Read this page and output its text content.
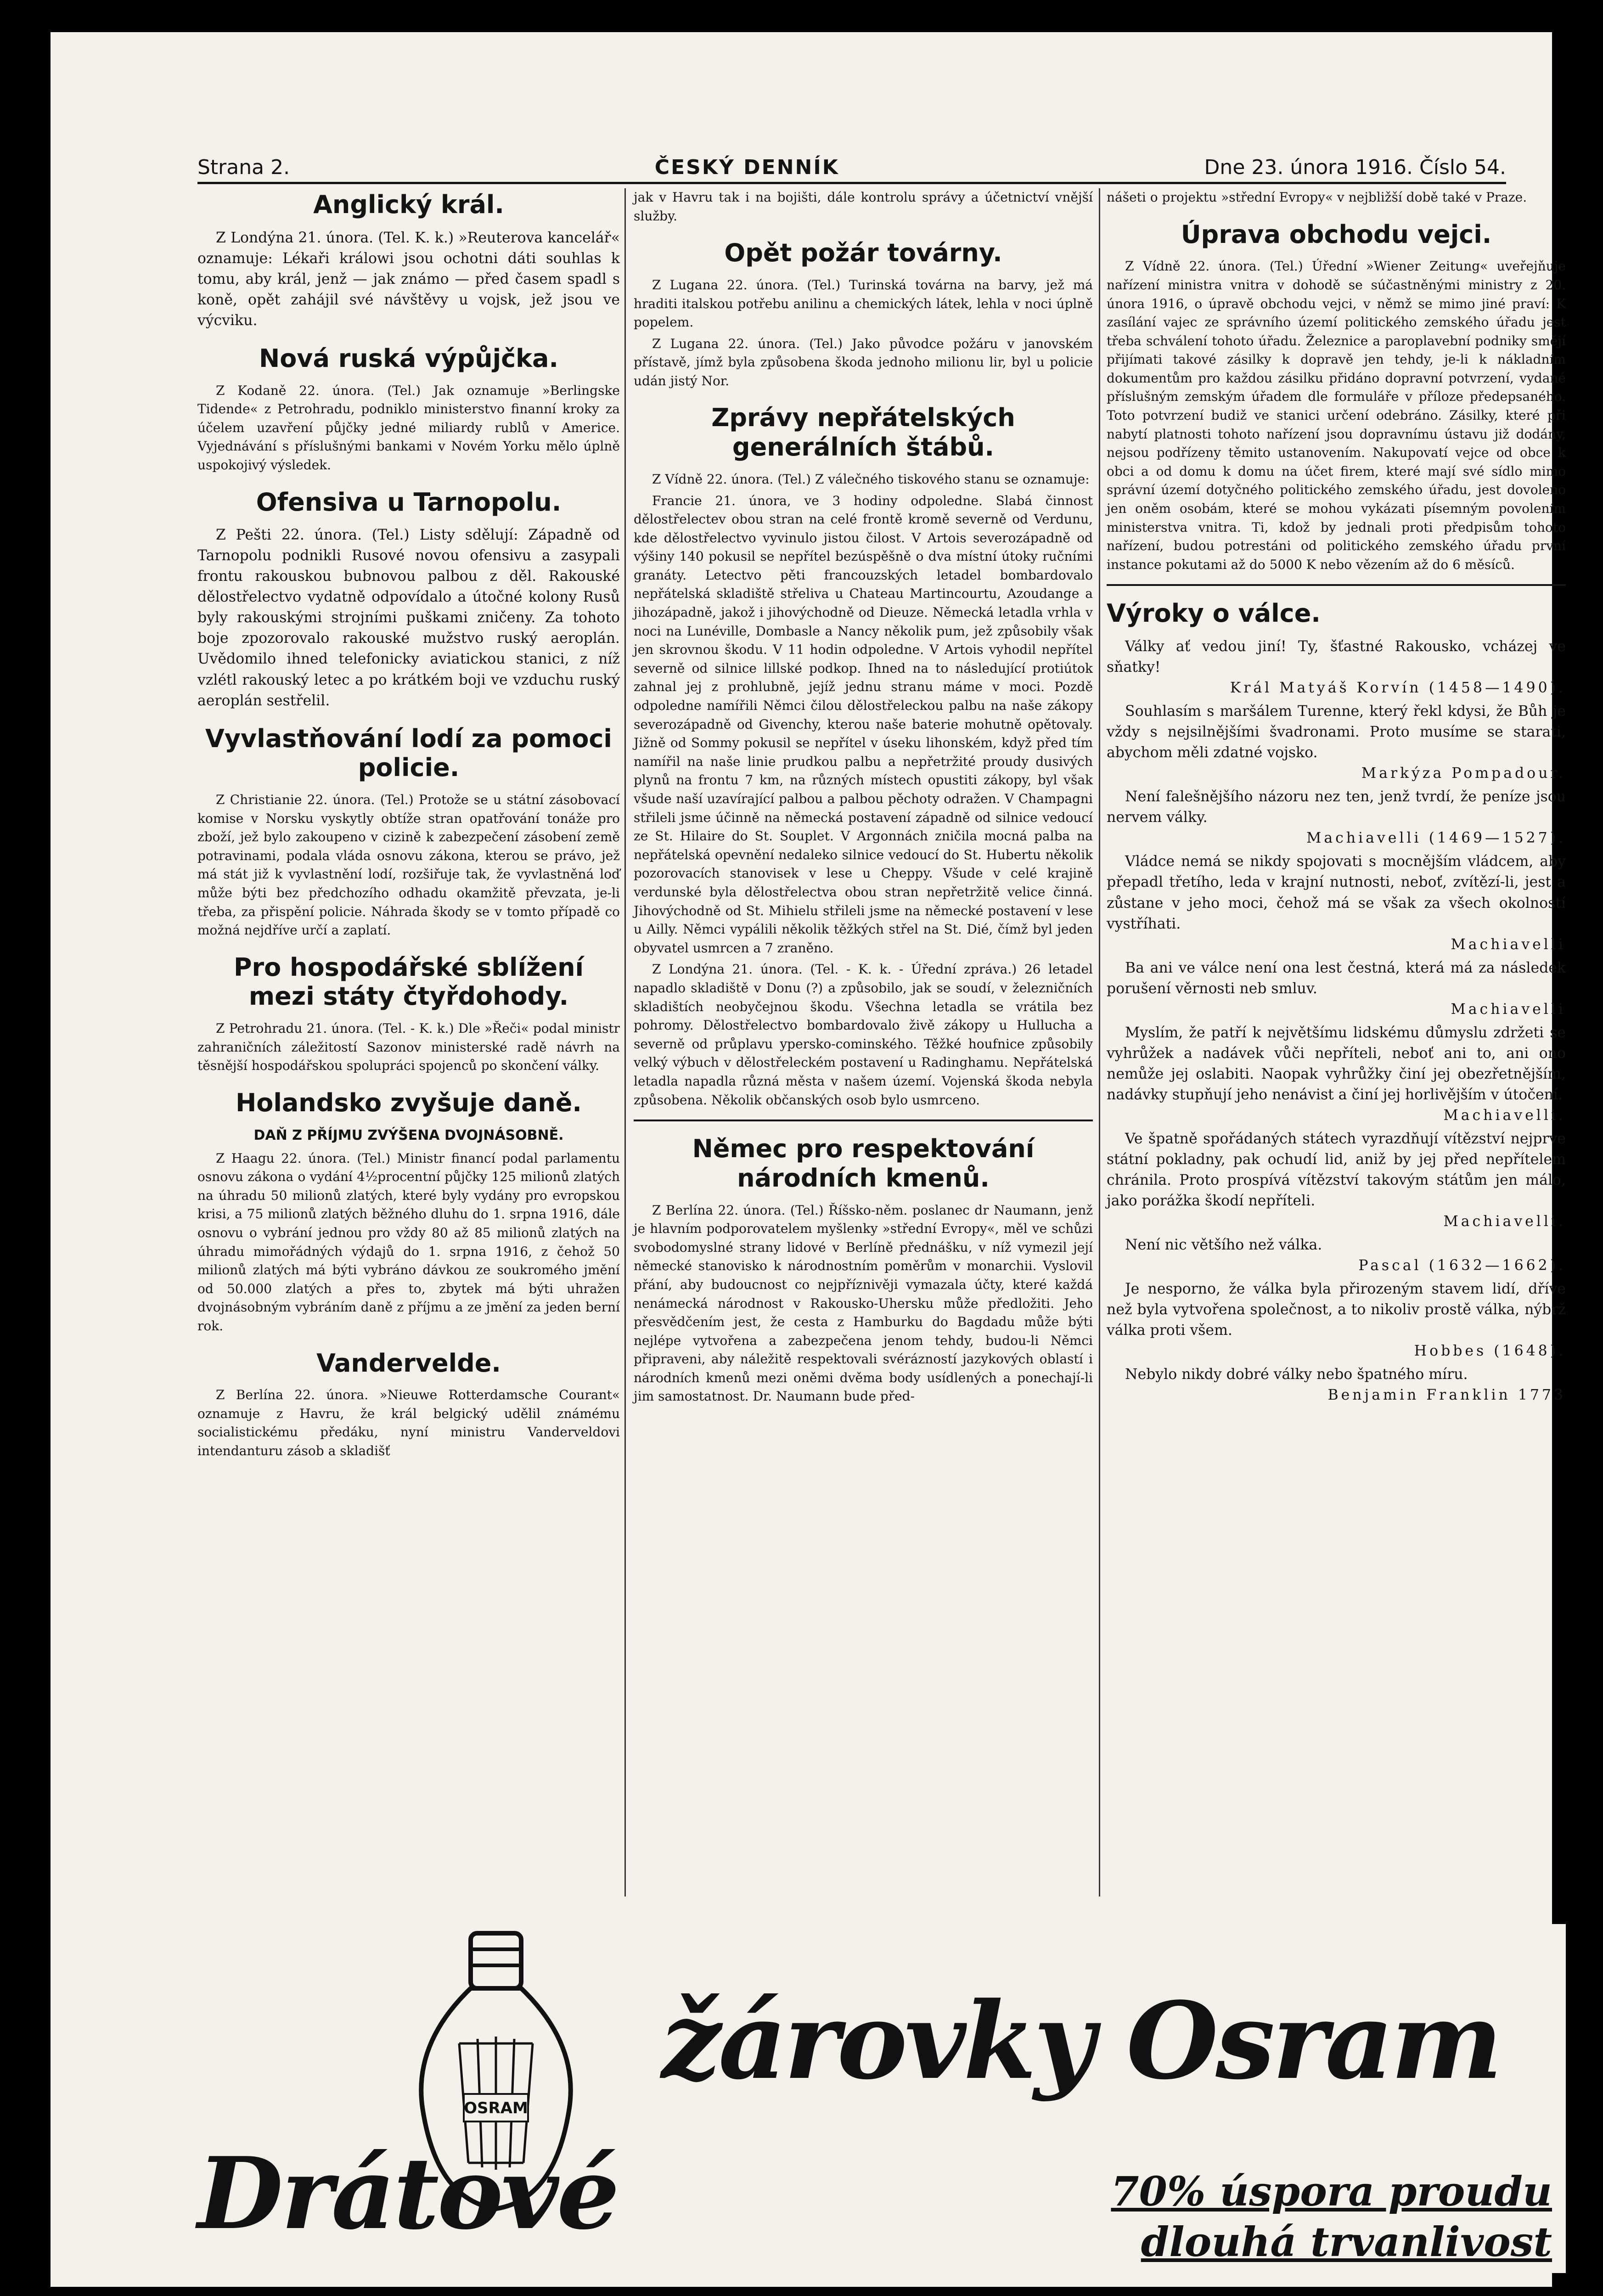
Strana 2.	ČESKÝ DENNÍK	Dne 23. února 1916. Číslo 54.
Anglický král.

Z Londýna 21. února. (Tel. K. k.) »Reuterova kancelář« oznamuje: Lékaři králowi jsou ochotni dáti souhlas k tomu, aby král, jenž — jak známo — před časem spadl s koně, opět zahájil své návštěvy u vojsk, jež jsou ve výcviku.

Nová ruská výpůjčka.

Z Kodaně 22. února. (Tel.) Jak oznamuje »Berlingske Tidende« z Petrohradu, podniklo ministerstvo finanní kroky za účelem uzavření půjčky jedné miliardy rublů v Americe. Vyjednávání s příslušnými bankami v Novém Yorku mělo úplně uspokojivý výsledek.

Ofensiva u Tarnopolu.

Z Pešti 22. února. (Tel.) Listy sdělují: Západně od Tarnopolu podnikli Rusové novou ofensivu a zasypali frontu rakouskou bubnovou palbou z děl. Rakouské dělostřelectvo vydatně odpovídalo a útočné kolony Rusů byly rakouskými strojními puškami zničeny. Za tohoto boje zpozorovalo rakouské mužstvo ruský aeroplán. Uvědomilo ihned telefonicky aviatickou stanici, z níž vzlétl rakouský letec a po krátkém boji ve vzduchu ruský aeroplán sestřelil.

Vyvlastňování lodí za pomoci policie.

Z Christianie 22. února. (Tel.) Protože se u státní zásobovací komise v Norsku vyskytly obtíže stran opatřování tonáže pro zboží, jež bylo zakoupeno v cizině k zabezpečení zásobení země potravinami, podala vláda osnovu zákona, kterou se právo, jež má stát již k vyvlastnění lodí, rozšiřuje tak, že vyvlastněná loď může býti bez předchozího odhadu okamžitě převzata, je-li třeba, za přispění policie. Náhrada škody se v tomto případě co možná nejdříve určí a zaplatí.

Pro hospodářské sblížení mezi státy čtyřdohody.

Z Petrohradu 21. února. (Tel. - K. k.) Dle »Řeči« podal ministr zahraničních záležitostí Sazonov ministerské radě návrh na těsnější hospodářskou spolupráci spojenců po skončení války.

Holandsko zvyšuje daně.
DAŇ Z PŘÍJMU ZVÝŠENA DVOJNÁSOBNĚ.

Z Haagu 22. února. (Tel.) Ministr financí podal parlamentu osnovu zákona o vydání 4½procentní půjčky 125 milionů zlatých na úhradu 50 milionů zlatých, které byly vydány pro evropskou krisi, a 75 milionů zlatých běžného dluhu do 1. srpna 1916, dále osnovu o vybrání jednou pro vždy 80 až 85 milionů zlatých na úhradu mimořádných výdajů do 1. srpna 1916, z čehož 50 milionů zlatých má býti vybráno dávkou ze soukromého jmění od 50.000 zlatých a přes to, zbytek má býti uhražen dvojnásobným vybráním daně z příjmu a ze jmění za jeden berní rok.

Vandervelde.

Z Berlína 22. února. »Nieuwe Rotterdamsche Courant« oznamuje z Havru, že král belgický udělil známému socialistickému předáku, nyní ministru Vanderveldovi intendanturu zásob a skladišť

jak v Havru tak i na bojišti, dále kontrolu správy a účetnictví vnější služby.

Opět požár továrny.

Z Lugana 22. února. (Tel.) Turinská továrna na barvy, jež má hraditi italskou potřebu anilinu a chemických látek, lehla v noci úplně popelem.

Z Lugana 22. února. (Tel.) Jako původce požáru v janovském přístavě, jímž byla způsobena škoda jednoho milionu lir, byl u policie udán jistý Nor.

Zprávy nepřátelských generálních štábů.

Z Vídně 22. února. (Tel.) Z válečného tiskového stanu se oznamuje:

Francie 21. února, ve 3 hodiny odpoledne. Slabá činnost dělostřelectev obou stran na celé frontě kromě severně od Verdunu, kde dělostřelectvo vyvinulo jistou čilost. V Artois severozápadně od výšiny 140 pokusil se nepřítel bezúspěšně o dva místní útoky ručními granáty. Letectvo pěti francouzských letadel bombardovalo nepřátelská skladiště střeliva u Chateau Martincourtu, Azoudange a jihozápadně, jakož i jihovýchodně od Dieuze. Německá letadla vrhla v noci na Lunéville, Dombasle a Nancy několik pum, jež způsobily však jen skrovnou škodu. V 11 hodin odpoledne. V Artois vyhodil nepřítel severně od silnice lillské podkop. Ihned na to následující protiútok zahnal jej z prohlubně, jejíž jednu stranu máme v moci. Pozdě odpoledne namířili Němci čilou dělostřeleckou palbu na naše zákopy severozápadně od Givenchy, kterou naše baterie mohutně opětovaly. Jižně od Sommy pokusil se nepřítel v úseku lihonském, když před tím namířil na naše linie prudkou palbu a nepřetržité proudy dusivých plynů na frontu 7 km, na různých místech opustiti zákopy, byl však všude naší uzavírající palbou a palbou pěchoty odražen. V Champagni střileli jsme účinně na německá postavení západně od silnice vedoucí ze St. Hilaire do St. Souplet. V Argonnách zničila mocná palba na nepřátelská opevnění nedaleko silnice vedoucí do St. Hubertu několik pozorovacích stanovisek v lese u Cheppy. Všude v celé krajině verdunské byla dělostřelectva obou stran nepřetržitě velice činná. Jihovýchodně od St. Mihielu střileli jsme na německé postavení v lese u Ailly. Němci vypálili několik těžkých střel na St. Dié, čímž byl jeden obyvatel usmrcen a 7 zraněno.

Z Londýna 21. února. (Tel. - K. k. - Úřední zpráva.) 26 letadel napadlo skladiště v Donu (?) a způsobilo, jak se soudí, v železničních skladištích neobyčejnou škodu. Všechna letadla se vrátila bez pohromy. Dělostřelectvo bombardovalo živě zákopy u Hullucha a severně od průplavu ypersko-cominského. Těžké houfnice způsobily velký výbuch v dělostřeleckém postavení u Radinghamu. Nepřátelská letadla napadla různá města v našem území. Vojenská škoda nebyla způsobena. Několik občanských osob bylo usmrceno.

Němec pro respektování národních kmenů.

Z Berlína 22. února. (Tel.) Říšsko-něm. poslanec dr Naumann, jenž je hlavním podporovatelem myšlenky »střední Evropy«, měl ve schůzi svobodomyslné strany lidové v Berlíně přednášku, v níž vymezil její německé stanovisko k národnostním poměrům v monarchii. Vyslovil přání, aby budoucnost co nejpříznivěji vymazala účty, které každá nenámecká národnost v Rakousko-Uhersku může předložiti. Jeho přesvědčením jest, že cesta z Hamburku do Bagdadu může býti nejlépe vytvořena a zabezpečena jenom tehdy, budou-li Němci připraveni, aby náležitě respektovali svérázností jazykových oblastí i národních kmenů mezi oněmi dvěma body usídlených a ponechají-li jim samostatnost. Dr. Naumann bude před-

nášeti o projektu »střední Evropy« v nejbližší době také v Praze.

Úprava obchodu vejci.

Z Vídně 22. února. (Tel.) Úřední »Wiener Zeitung« uveřejňuje nařízení ministra vnitra v dohodě se súčastněnými ministry z 20. února 1916, o úpravě obchodu vejci, v němž se mimo jiné praví: K zasílání vajec ze správního území politického zemského úřadu jest třeba schválení tohoto úřadu. Železnice a paroplavební podniky smějí přijímati takové zásilky k dopravě jen tehdy, je-li k nákladním dokumentům pro každou zásilku přidáno dopravní potvrzení, vydané příslušným zemským úřadem dle formuláře v příloze předepsaného. Toto potvrzení budiž ve stanici určení odebráno. Zásilky, které při nabytí platnosti tohoto nařízení jsou dopravnímu ústavu již dodány, nejsou podřízeny těmito ustanovením. Nakupovatí vejce od obce k obci a od domu k domu na účet firem, které mají své sídlo mimo správní území dotyčného politického zemského úřadu, jest dovoleno jen oněm osobám, které se mohou vykázati písemným povolením ministerstva vnitra. Ti, kdož by jednali proti předpisům tohoto nařízení, budou potrestáni od politického zemského úřadu první instance pokutami až do 5000 K nebo vězením až do 6 měsíců.

Výroky o válce.

Války ať vedou jiní! Ty, šťastné Rakousko, vcházej ve sňatky!

Král Matyáš Korvín (1458—1490).

Souhlasím s maršálem Turenne, který řekl kdysi, že Bůh je vždy s nejsilnějšími švadronami. Proto musíme se starati, abychom měli zdatné vojsko.

Markýza Pompadour.

Není falešnějšího názoru nez ten, jenž tvrdí, že peníze jsou nervem války.

Machiavelli (1469—1527).

Vládce nemá se nikdy spojovati s mocnějším vládcem, aby přepadl třetího, leda v krajní nutnosti, neboť, zvítězí-li, jest a zůstane v jeho moci, čehož má se však za všech okolností vystříhati.

Machiavelli

Ba ani ve válce není ona lest čestná, která má za následek porušení věrnosti neb smluv.

Machiavelli

Myslím, že patří k největšímu lidskému důmyslu zdržeti se vyhrůžek a nadávek vůči nepříteli, neboť ani to, ani ono nemůže jej oslabiti. Naopak vyhrůžky činí jej obezřetnějším, nadávky stupňují jeho nenávist a činí jej horlivějším v útočení.

Machiavelli.

Ve špatně spořádaných státech vyrazdňují vítězství nejprve státní pokladny, pak ochudí lid, aniž by jej před nepřítelem chránila. Proto prospívá vítězství takovým státům jen málo, jako porážka škodí nepříteli.

Machiavelli.

Není nic většího než válka.

Pascal (1632—1662).

Je nesporno, že válka byla přirozeným stavem lidí, dříve než byla vytvořena společnost, a to nikoliv prostě válka, nýbrž válka proti všem.

Hobbes (1648).

Nebylo nikdy dobré války nebo špatného míru.

Benjamin Franklin 1773

OSRAM
Drátové
žárovky Osram
70% úspora proudu
dlouhá trvanlivost
